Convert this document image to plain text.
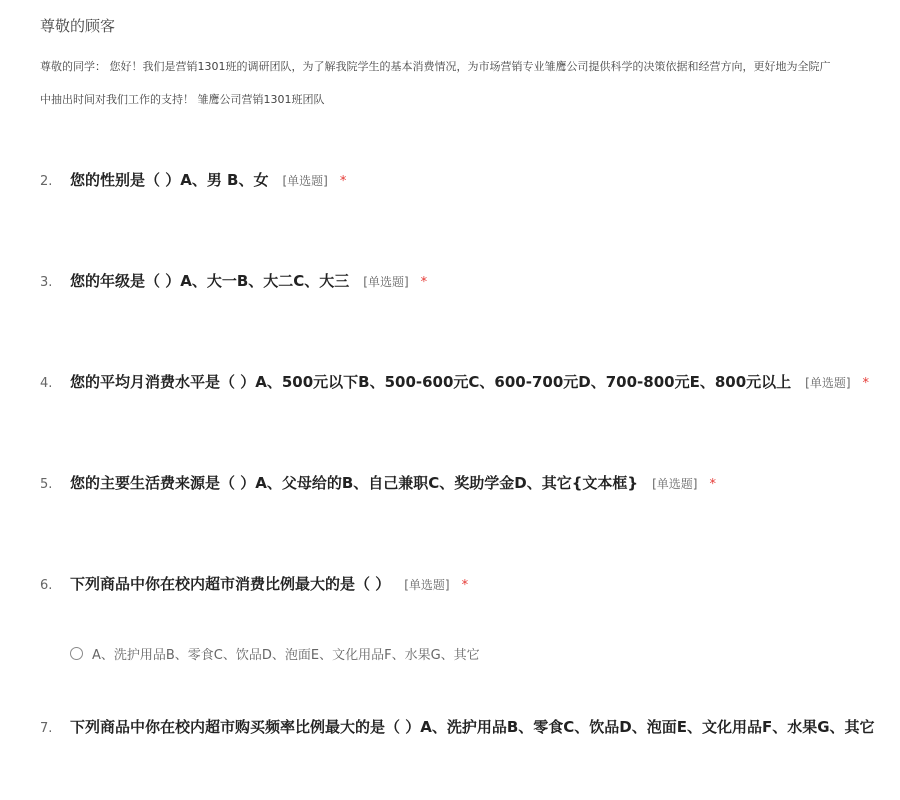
尊敬的顾客
尊敬的同学： 您好！我们是营销1301班的调研团队，为了解我院学生的基本消费情况，为市场营销专业雏鹰公司提供科学的决策依据和经营方向，更好地为全院广
中抽出时间对我们工作的支持！ 雏鹰公司营销1301班团队
2.	您的性别是（ ）A、男 B、女 [单选题] *
3.	您的年级是（ ）A、大一B、大二C、大三 [单选题] *
4.	您的平均月消费水平是（ ）A、500元以下B、500-600元C、600-700元D、700-800元E、800元以上 [单选题] *
5.	您的主要生活费来源是（ ）A、父母给的B、自己兼职C、奖助学金D、其它{文本框} [单选题] *
6.	下列商品中你在校内超市消费比例最大的是（ ） [单选题] *
A、洗护用品B、零食C、饮品D、泡面E、文化用品F、水果G、其它
7.	下列商品中你在校内超市购买频率比例最大的是（ ）A、洗护用品B、零食C、饮品D、泡面E、文化用品F、水果G、其它
